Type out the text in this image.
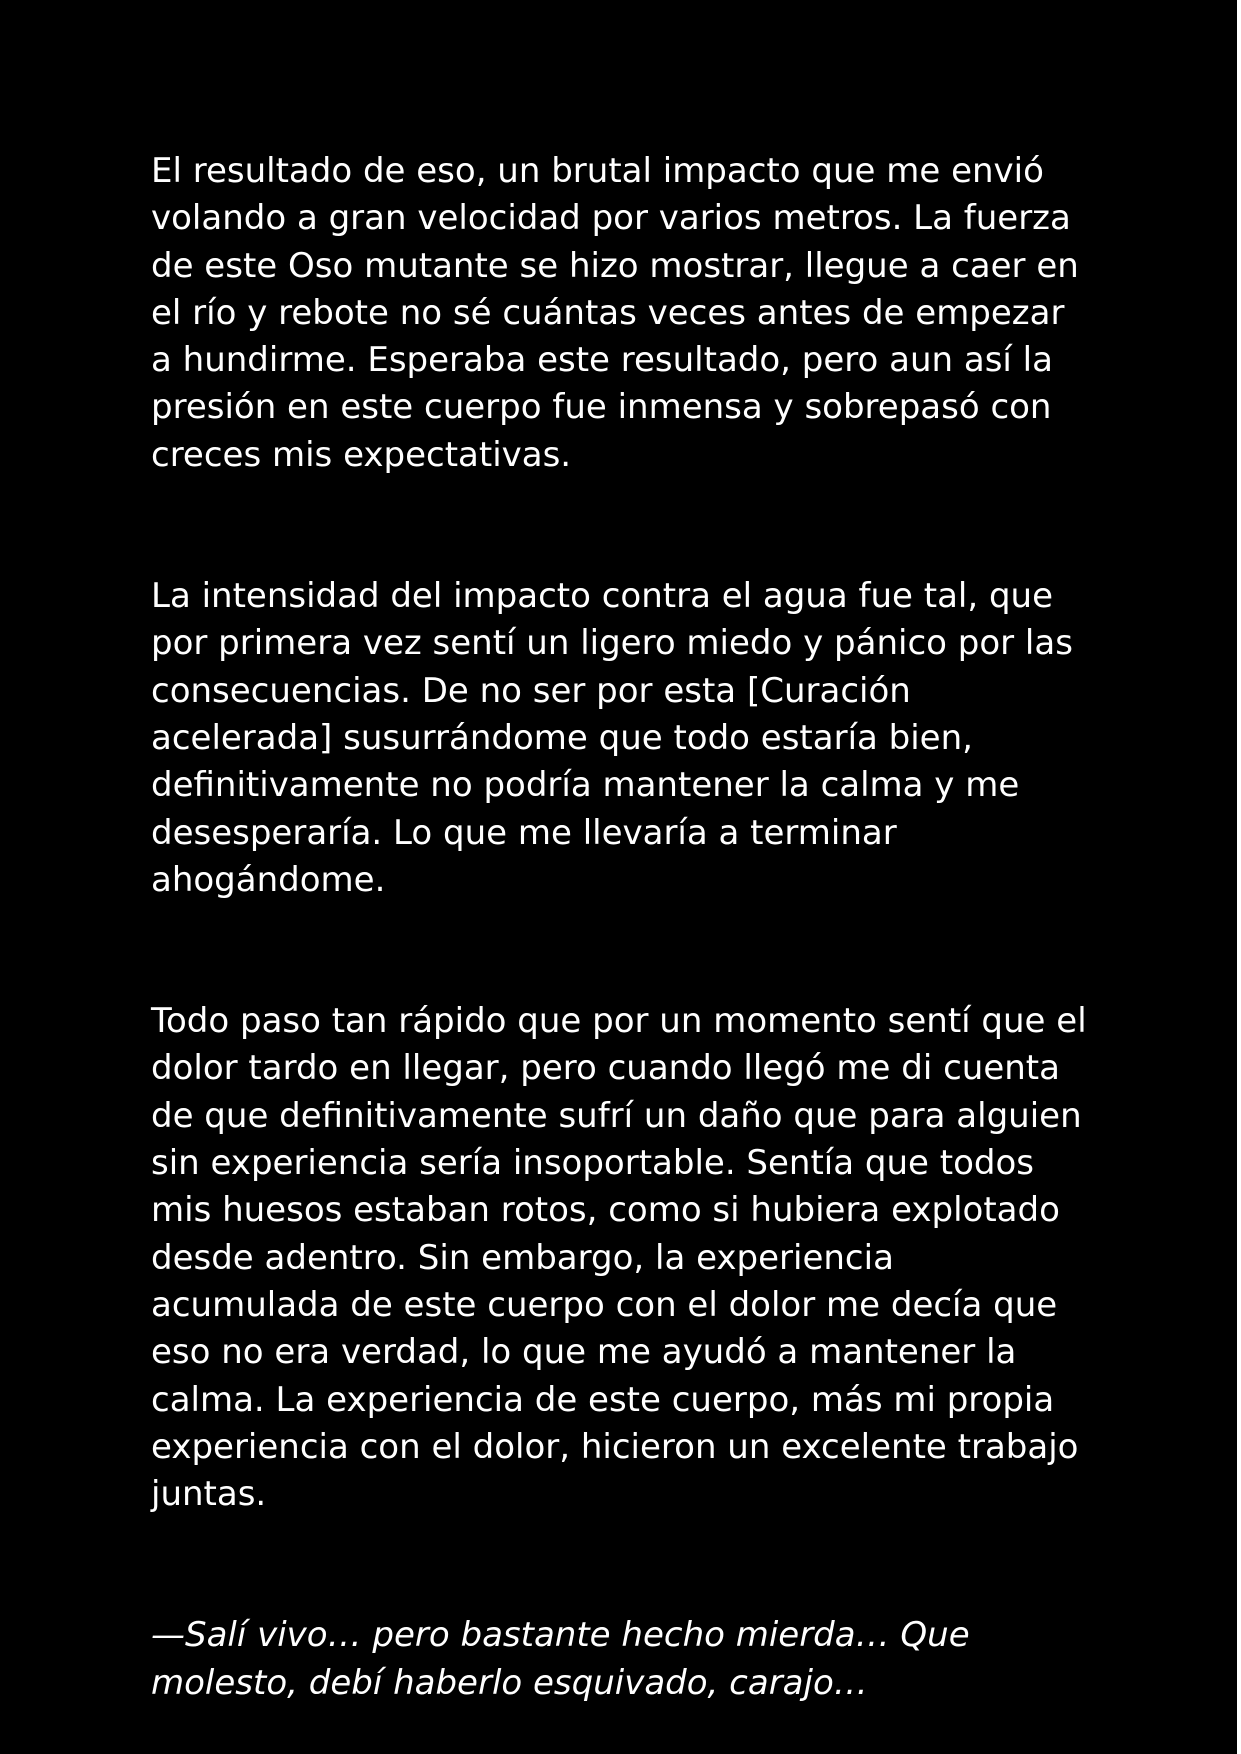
El resultado de eso, un brutal impacto que me envió volando a gran velocidad por varios metros. La fuerza de este Oso mutante se hizo mostrar, llegue a caer en el río y rebote no sé cuántas veces antes de empezar a hundirme. Esperaba este resultado, pero aun así la presión en este cuerpo fue inmensa y sobrepasó con creces mis expectativas.

La intensidad del impacto contra el agua fue tal, que por primera vez sentí un ligero miedo y pánico por las consecuencias. De no ser por esta [Curación acelerada] susurrándome que todo estaría bien, definitivamente no podría mantener la calma y me desesperaría. Lo que me llevaría a terminar ahogándome.

Todo paso tan rápido que por un momento sentí que el dolor tardo en llegar, pero cuando llegó me di cuenta de que definitivamente sufrí un daño que para alguien sin experiencia sería insoportable. Sentía que todos mis huesos estaban rotos, como si hubiera explotado desde adentro. Sin embargo, la experiencia acumulada de este cuerpo con el dolor me decía que eso no era verdad, lo que me ayudó a mantener la calma. La experiencia de este cuerpo, más mi propia experiencia con el dolor, hicieron un excelente trabajo juntas.

—Salí vivo… pero bastante hecho mierda… Que molesto, debí haberlo esquivado, carajo…
